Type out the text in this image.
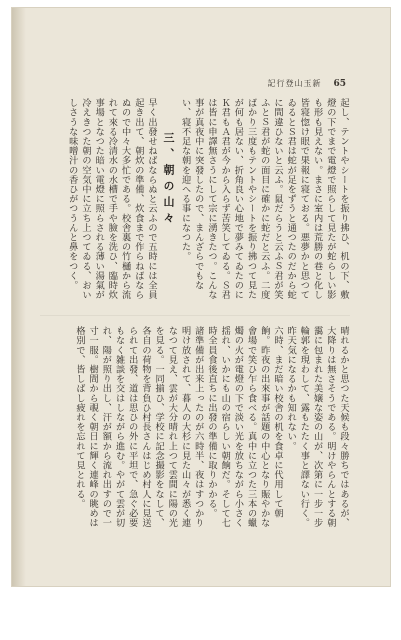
記行登山玉新 65
起し、テントやシートを振り拂ひ、机の下、敷燈の下でまで電燈で照らして見たが蛇らしい影も形も見えない。まさに室内は荒勝の巷と化し皆寝惚け眼で果報に寝ておる。悪夢かと思つてゐるとＳ君は蛇が足をずうと通つたのだから蛇に間違ひないと云ふ。鼠だらうと云ふＳ君が笑ふとＳ君が蛇の面目に確かに蛇だと云ふ。二度ばかり三度もテントやシートを振り拂つて見たが何も居ない、折角良い心地で夢みてゐたのにＫ君もＡ君が今から入らず苦笑してゐる。Ｓ君は皆に申譯無さうにして宗に湧きたつ。こんな事が真夜中に突發したので、まんざらでもない、寝不足な朝を迎へる事になつた。
三、朝の山々
早く出發せねばならぬと云ふので五時には全員起き出て、朝炊の準備、炊食まで作らねばならぬので中々大多忙である。校舎裏の竹樋から流れて來る冷清水の水槽で手や臉を洗ひ、臨時炊事場となつた暗い電燈に照らされる薄い湯氣が冷えきつた朝の空気中に立ち上つてゐる、おいしさうな味噌汁の香ひがつうんと鼻をつく。
晴れるかと思つた天候も段々勝ちではあるが、大降りは無さそうである。明けやらんとする朝靄に包まれた美嬢な姿の山が、次第に一步一步輪郭を現わして、露もたたく事と譯ない行く。昨天気になるかも知れない。
六時、まだ暗い校舎の机を食卓に代用して朝餉。昨夜の出來事が話題の中心となり賑やかな會場で笑ひ乍ら食べる。真中に立つた三本の蠟燭の火が電燈の下で淡い光を放ちながら小さく揺れ、いかにも山の宿らしい朝餉だ。そして七時全員食後直ちに出發の準備に取りかかる。
諸準備が出来上ったのが六時半、夜はすつかり明け放されて、暮人の大杉に見た山々が悉く連なつて見え、雲が大分晴れ上つて雲間に陽の光を見る。一同揃ひ、学校に記念撮影をなして、各自の荷物を背負ひ村長さんはじめ村人に見送られて出發、道は思ひの外に平坦で、急ぐ必要もなく雑談を交はしながら進む。やがて雲が切れ、陽が照り出し、汗が額から流れ出すので一寸一服。樹間から覗く朝日に輝く連峰の眺めは格別で、皆しばし疲れを忘れて見とれる。
